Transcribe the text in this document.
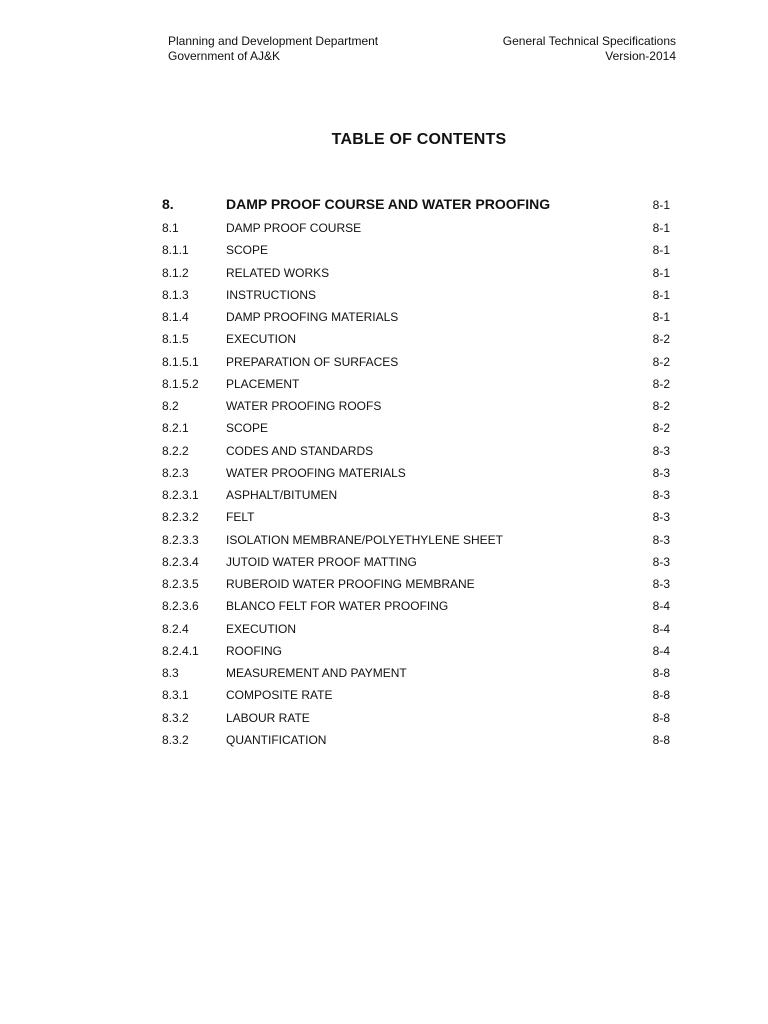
Planning and Development Department
Government of AJ&K
General Technical Specifications
Version-2014
TABLE OF CONTENTS
8.	DAMP PROOF COURSE AND WATER PROOFING	8-1
8.1	DAMP PROOF COURSE	8-1
8.1.1	SCOPE	8-1
8.1.2	RELATED WORKS	8-1
8.1.3	INSTRUCTIONS	8-1
8.1.4	DAMP PROOFING MATERIALS	8-1
8.1.5	EXECUTION	8-2
8.1.5.1 PREPARATION OF SURFACES	8-2
8.1.5.2 PLACEMENT	8-2
8.2	WATER PROOFING ROOFS	8-2
8.2.1	SCOPE	8-2
8.2.2	CODES AND STANDARDS	8-3
8.2.3	WATER PROOFING MATERIALS	8-3
8.2.3.1 ASPHALT/BITUMEN	8-3
8.2.3.2 FELT	8-3
8.2.3.3 ISOLATION MEMBRANE/POLYETHYLENE SHEET	8-3
8.2.3.4 JUTOID WATER PROOF MATTING	8-3
8.2.3.5 RUBEROID WATER PROOFING MEMBRANE	8-3
8.2.3.6 BLANCO FELT FOR WATER PROOFING	8-4
8.2.4	EXECUTION	8-4
8.2.4.1 ROOFING	8-4
8.3	MEASUREMENT AND PAYMENT	8-8
8.3.1	COMPOSITE RATE	8-8
8.3.2	LABOUR RATE	8-8
8.3.2	QUANTIFICATION	8-8
